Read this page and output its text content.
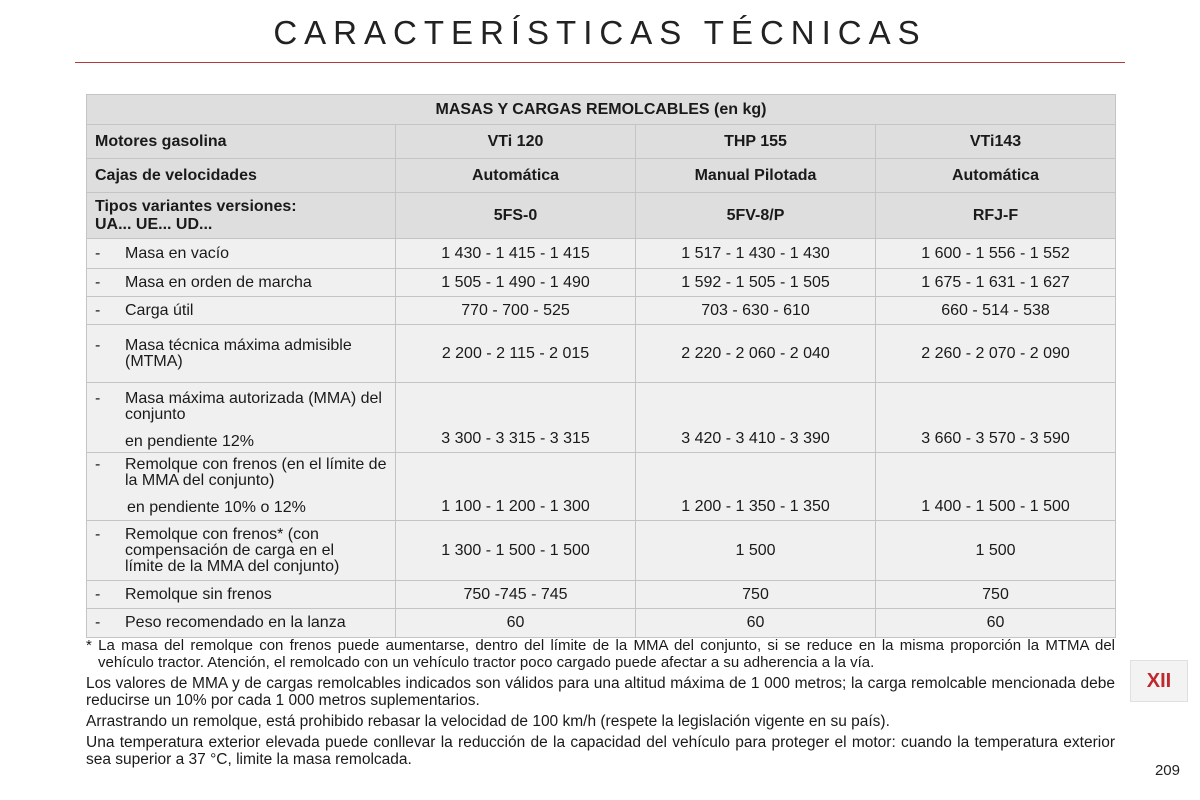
CARACTERÍSTICAS TÉCNICAS
MASAS Y CARGAS REMOLCABLES (en kg)			
Motores gasolina	VTi 120	THP 155	VTi143
Cajas de velocidades	Automática	Manual Pilotada	Automática

Tipos variantes versiones:
UA... UE... UD...	5FS-0	5FV-8/P	RFJ-F

- Masa en vacío	1 430 - 1 415 - 1 415	1 517 - 1 430 - 1 430	1 600 - 1 556 - 1 552

- Masa en orden de marcha	1 505 - 1 490 - 1 490	1 592 - 1 505 - 1 505	1 675 - 1 631 - 1 627

- Carga útil	770 - 700 - 525	703 - 630 - 610	660 - 514 - 538

- Masa técnica máxima admisible (MTMA)	2 200 - 2 115 - 2 015	2 220 - 2 060 - 2 040	2 260 - 2 070 - 2 090

- Masa máxima autorizada (MMA) del conjunto
en pendiente 12%	3 300 - 3 315 - 3 315	3 420 - 3 410 - 3 390	3 660 - 3 570 - 3 590

- Remolque con frenos (en el límite de la MMA del conjunto)
en pendiente 10% o 12%	1 100 - 1 200 - 1 300	1 200 - 1 350 - 1 350	1 400 - 1 500 - 1 500

- Remolque con frenos* (con compensación de carga en el límite de la MMA del conjunto)	1 300 - 1 500 - 1 500	1 500	1 500

- Remolque sin frenos	750 -745 - 745	750	750

- Peso recomendado en la lanza	60	60	60

* La masa del remolque con frenos puede aumentarse, dentro del límite de la MMA del conjunto, si se reduce en la misma proporción la MTMA del vehículo tractor. Atención, el remolcado con un vehículo tractor poco cargado puede afectar a su adherencia a la vía.

Los valores de MMA y de cargas remolcables indicados son válidos para una altitud máxima de 1 000 metros; la carga remolcable mencionada debe reducirse un 10% por cada 1 000 metros suplementarios.

Arrastrando un remolque, está prohibido rebasar la velocidad de 100 km/h (respete la legislación vigente en su país).

Una temperatura exterior elevada puede conllevar la reducción de la capacidad del vehículo para proteger el motor: cuando la temperatura exterior sea superior a 37 °C, limite la masa remolcada.

XII
209
